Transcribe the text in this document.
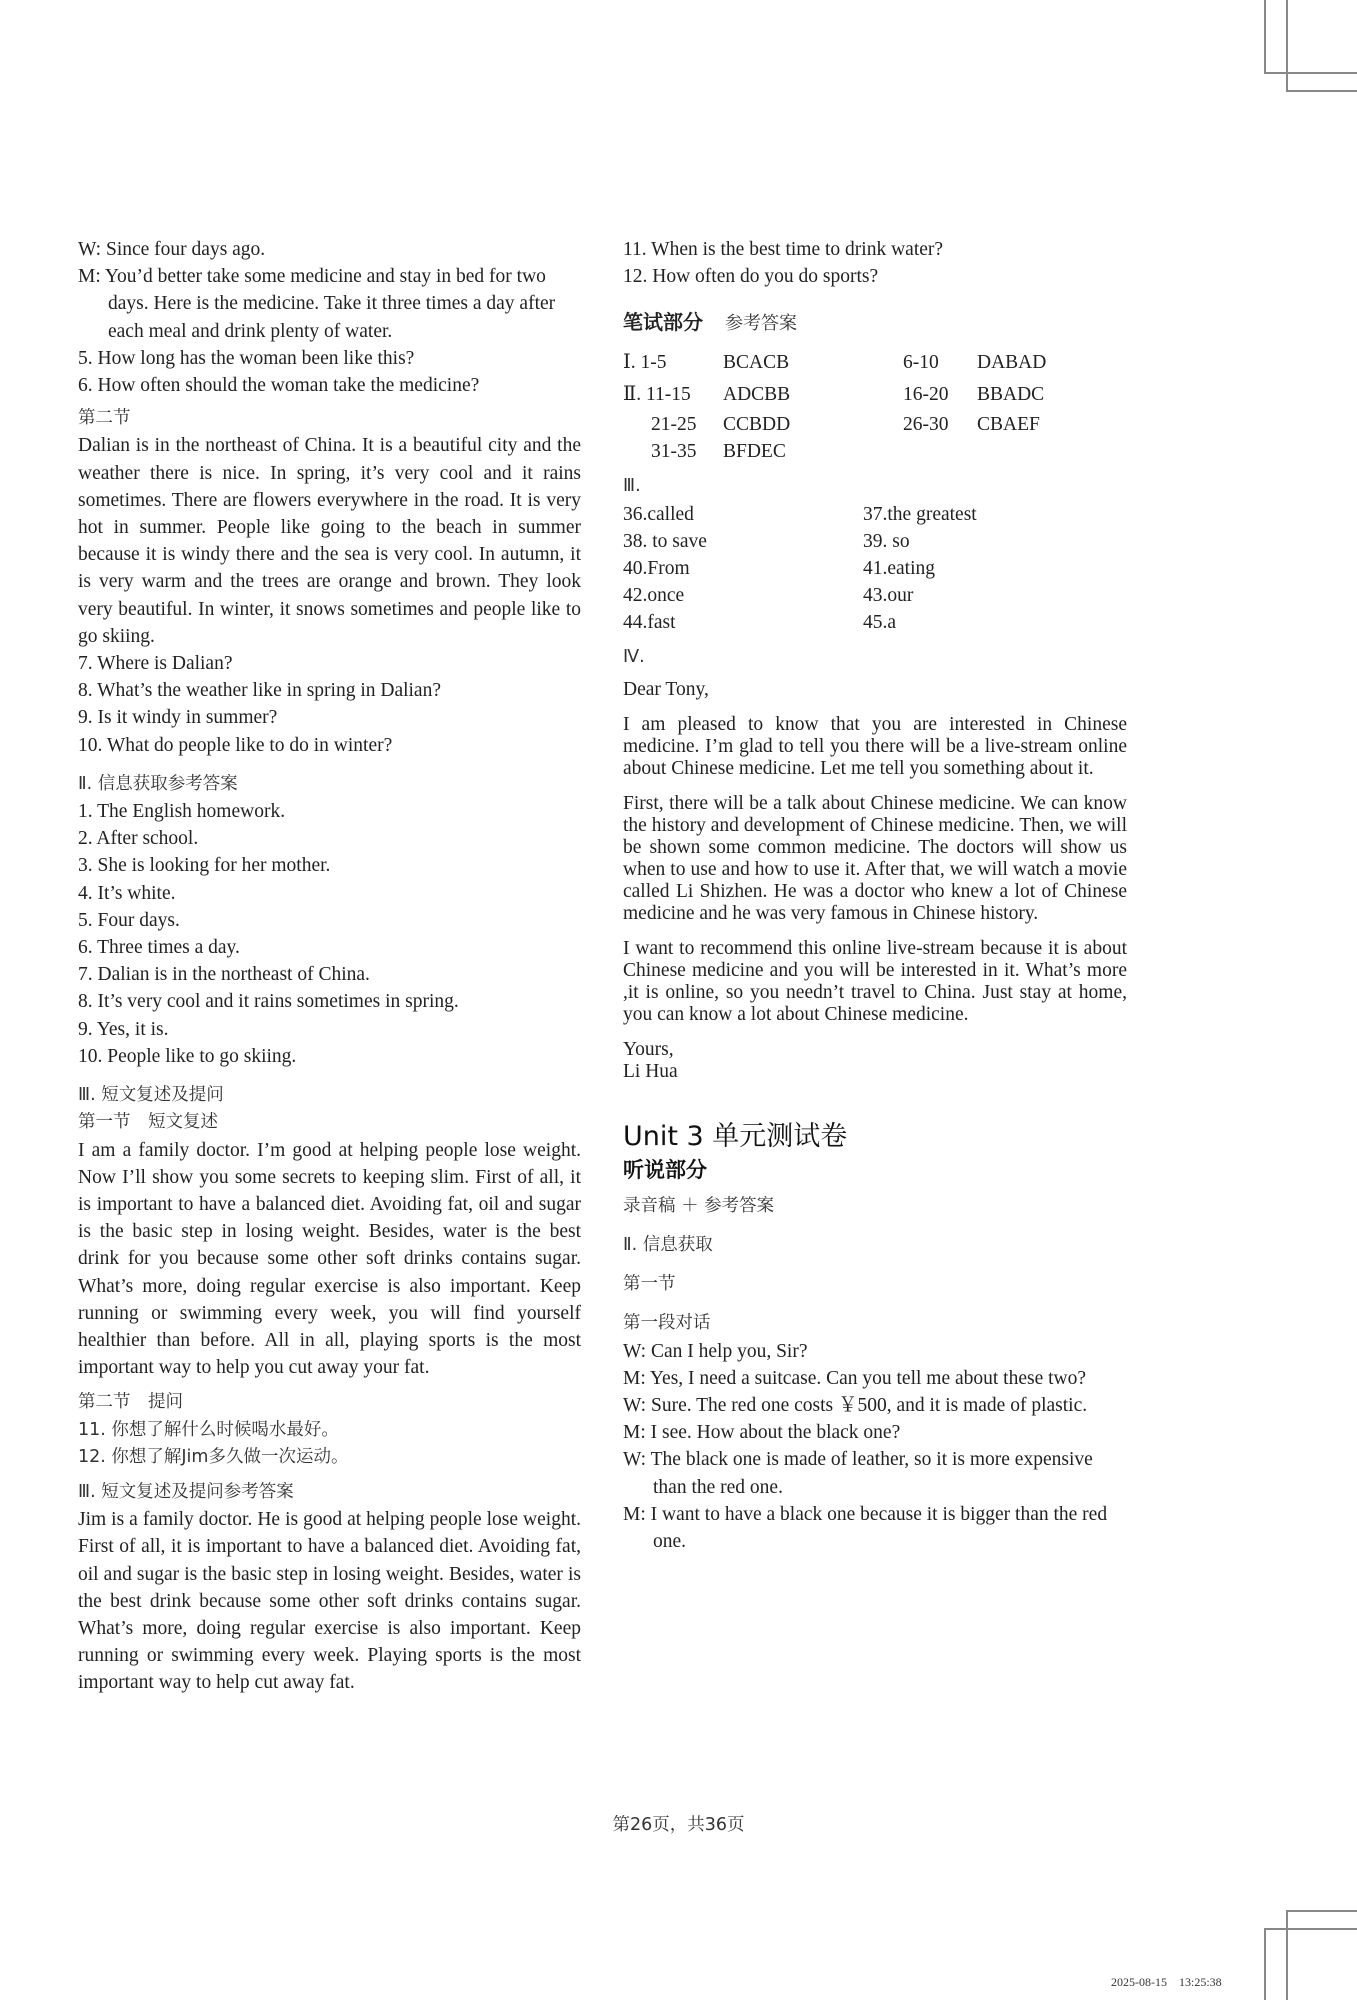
W: Since four days ago.

M: You’d better take some medicine and stay in bed for two days. Here is the medicine. Take it three times a day after each meal and drink plenty of water.

5. How long has the woman been like this?

6. How often should the woman take the medicine?

第二节

Dalian is in the northeast of China. It is a beautiful city and the weather there is nice. In spring, it’s very cool and it rains sometimes. There are flowers everywhere in the road. It is very hot in summer. People like going to the beach in summer because it is windy there and the sea is very cool. In autumn, it is very warm and the trees are orange and brown. They look very beautiful. In winter, it snows sometimes and people like to go skiing.

7. Where is Dalian?

8. What’s the weather like in spring in Dalian?

9. Is it windy in summer?

10. What do people like to do in winter?

Ⅱ. 信息获取参考答案

1. The English homework.

2. After school.

3. She is looking for her mother.

4. It’s white.

5. Four days.

6. Three times a day.

7. Dalian is in the northeast of China.

8. It’s very cool and it rains sometimes in spring.

9. Yes, it is.

10. People like to go skiing.

Ⅲ. 短文复述及提问

第一节　短文复述

I am a family doctor. I’m good at helping people lose weight. Now I’ll show you some secrets to keeping slim. First of all, it is important to have a balanced diet. Avoiding fat, oil and sugar is the basic step in losing weight. Besides, water is the best drink for you because some other soft drinks contains sugar. What’s more, doing regular exercise is also important. Keep running or swimming every week, you will find yourself healthier than before. All in all, playing sports is the most important way to help you cut away your fat.

第二节　提问

11. 你想了解什么时候喝水最好。

12. 你想了解Jim多久做一次运动。

Ⅲ. 短文复述及提问参考答案

Jim is a family doctor. He is good at helping people lose weight. First of all, it is important to have a balanced diet. Avoiding fat, oil and sugar is the basic step in losing weight. Besides, water is the best drink because some other soft drinks contains sugar. What’s more, doing regular exercise is also important. Keep running or swimming every week. Playing sports is the most important way to help cut away fat.

11. When is the best time to drink water?

12. How often do you do sports?

笔试部分 参考答案
Ⅰ. 1-5	BCACB	6-10	DABAD
Ⅱ. 11-15	ADCBB	16-20	BBADC
21-25	CCBDD	26-30	CBAEF
31-35	BFDEC

Ⅲ.

36.called	37.the greatest
38. to save	39. so
40.From	41.eating
42.once	43.our
44.fast	45.a

Ⅳ.

Dear Tony,

I am pleased to know that you are interested in Chinese medicine. I’m glad to tell you there will be a live-stream online about Chinese medicine. Let me tell you something about it.

First, there will be a talk about Chinese medicine. We can know the history and development of Chinese medicine. Then, we will be shown some common medicine. The doctors will show us when to use and how to use it. After that, we will watch a movie called Li Shizhen. He was a doctor who knew a lot of Chinese medicine and he was very famous in Chinese history.

I want to recommend this online live-stream because it is about Chinese medicine and you will be interested in it. What’s more ,it is online, so you needn’t travel to China. Just stay at home, you can know a lot about Chinese medicine.

Yours,

Li Hua

Unit 3 单元测试卷

听说部分

录音稿 ＋ 参考答案

Ⅱ. 信息获取

第一节

第一段对话

W: Can I help you, Sir?

M: Yes, I need a suitcase. Can you tell me about these two?

W: Sure. The red one costs ￥500, and it is made of plastic.

M: I see. How about the black one?

W: The black one is made of leather, so it is more expensive than the red one.

M: I want to have a black one because it is bigger than the red one.

第26页，共36页
2025-08-15　13:25:38
